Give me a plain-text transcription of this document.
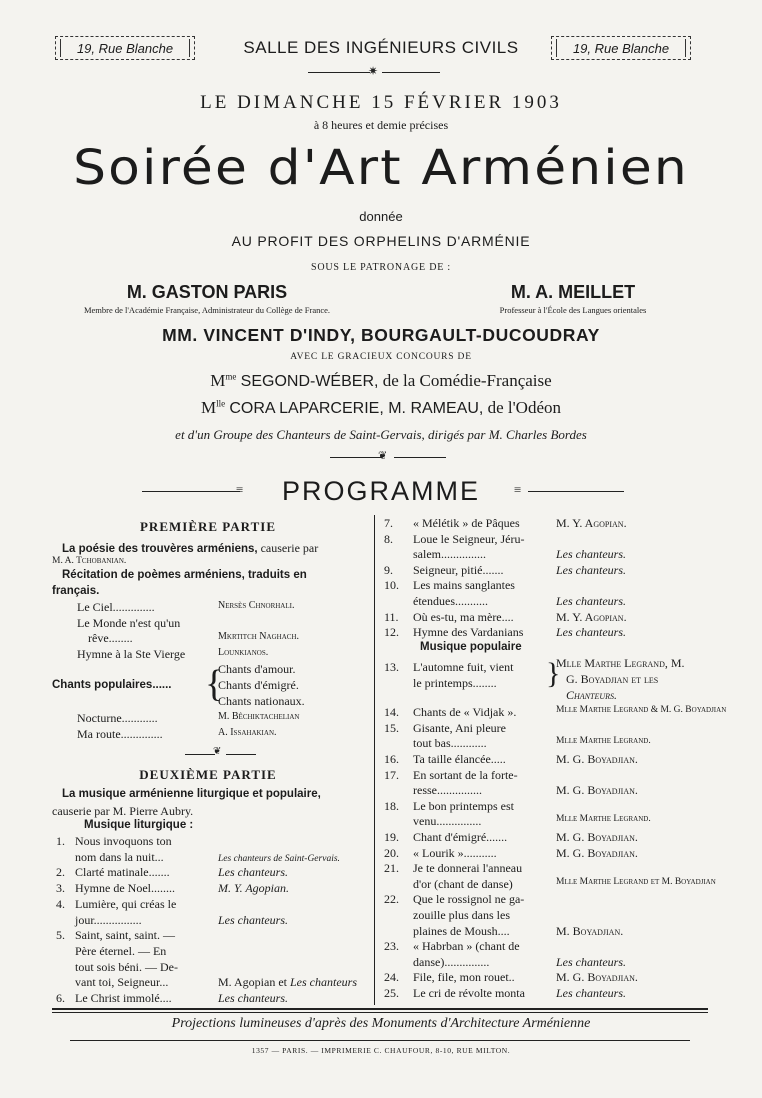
19, Rue Blanche	SALLE DES INGÉNIEURS CIVILS	19, Rue Blanche
✷
LE DIMANCHE 15 FÉVRIER 1903
à 8 heures et demie précises
Soirée d'Art Arménien
donnée
AU PROFIT DES ORPHELINS D'ARMÉNIE
SOUS LE PATRONAGE DE :
M. GASTON PARIS
Membre de l'Académie Française, Administrateur du Collège de France.
M. A. MEILLET
Professeur à l'École des Langues orientales
MM. VINCENT D'INDY, BOURGAULT-DUCOUDRAY
AVEC LE GRACIEUX CONCOURS DE
$M^{me}$ SEGOND-WÉBER, de la Comédie-Française
$M^{lle}$ CORA LAPARCERIE, M. RAMEAU, de l'Odéon
et d'un Groupe des Chanteurs de Saint-Gervais, dirigés par M. Charles Bordes
❦
≡	PROGRAMME	≡
PREMIÈRE PARTIE
La poésie des trouvères arméniens, causerie par
M. A. Tchobanian.
Récitation de poèmes arméniens, traduits en
français.
Le Ciel..............	Nersès Chnorhali.
Le Monde n'est qu'un
rêve........	Mkrtitch Naghach.
Hymne à la Ste Vierge	Lounkianos.
Chants populaires...... {
Chants d'amour.
Chants d'émigré.
Chants nationaux.
Nocturne............	M. Bêchiktachelian
Ma route..............	A. Issahakian.
❦
DEUXIÈME PARTIE
La musique arménienne liturgique et populaire,
causerie par M. Pierre Aubry.
Musique liturgique :
1. Nous invoquons ton
nom dans la nuit...	Les chanteurs de Saint-Gervais.
2. Clarté matinale.......	Les chanteurs.
3. Hymne de Noel........	M. Y. Agopian.
4. Lumière, qui créas le
jour................	Les chanteurs.
5. Saint, saint, saint. —
Père éternel. — En
tout sois béni. — De-
vant toi, Seigneur...	M. Agopian et Les chanteurs
6. Le Christ immolé....	Les chanteurs.
7. « Mélétik » de Pâques	M. Y. Agopian.
8. Loue le Seigneur, Jéru-
salem...............	Les chanteurs.
9. Seigneur, pitié.......	Les chanteurs.
10. Les mains sanglantes
étendues...........	Les chanteurs.
11. Où es-tu, ma mère....	M. Y. Agopian.
12. Hymne des Vardanians	Les chanteurs.
Musique populaire
13. L'automne fuit, vient
le printemps........ }
Mlle Marthe Legrand, M.
G. Boyadjian et les
Chanteurs.
14. Chants de « Vidjak ».	Mlle Marthe Legrand & M. G. Boyadjian
15. Gisante, Ani pleure
tout bas............	Mlle Marthe Legrand.
16. Ta taille élancée.....	M. G. Boyadjian.
17. En sortant de la forte-
resse...............	M. G. Boyadjian.
18. Le bon printemps est
venu...............	Mlle Marthe Legrand.
19. Chant d'émigré.......	M. G. Boyadjian.
20. « Lourik »...........	M. G. Boyadjian.
21. Je te donnerai l'anneau
d'or (chant de danse)	Mlle Marthe Legrand et M. Boyadjian
22. Que le rossignol ne ga-
zouille plus dans les
plaines de Moush....	M. Boyadjian.
23. « Habrban » (chant de
danse)...............	Les chanteurs.
24. File, file, mon rouet..	M. G. Boyadjian.
25. Le cri de révolte monta	Les chanteurs.
Projections lumineuses d'après des Monuments d'Architecture Arménienne
1357 — PARIS. — IMPRIMERIE C. CHAUFOUR, 8-10, RUE MILTON.
